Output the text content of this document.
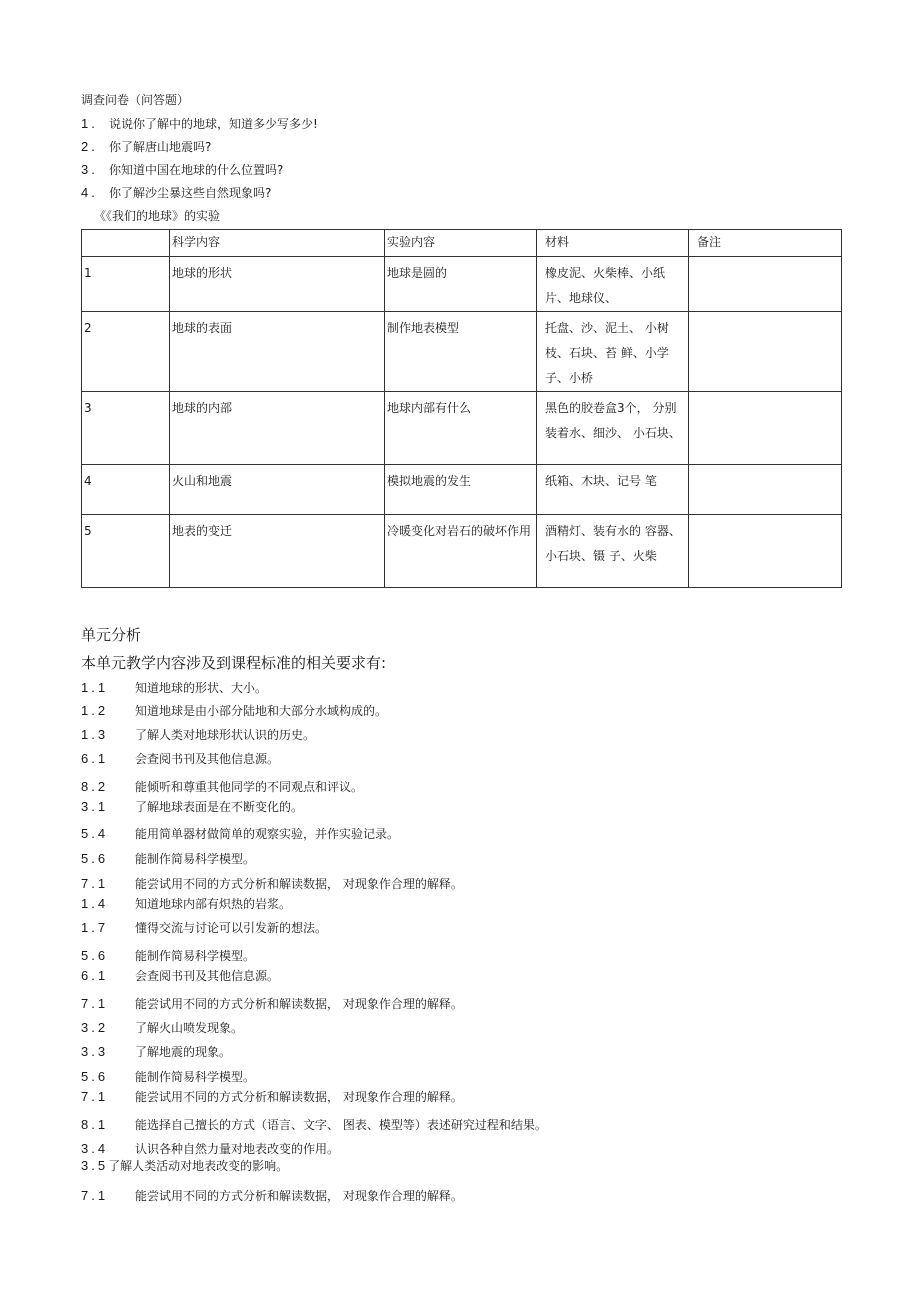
调查问卷（问答题）
1. 说说你了解中的地球，知道多少写多少!
2. 你了解唐山地震吗?
3. 你知道中国在地球的什么位置吗?
4. 你了解沙尘暴这些自然现象吗?
《《我们的地球》的实验
	科学内容	实验内容	材料	备注
1	地球的形状	地球是圆的	橡皮泥、火柴棒、小纸片、地球仪、	
2	地球的表面	制作地表模型	托盘、沙、泥土、 小树枝、石块、苔 鲜、小学子、小桥	
3	地球的内部	地球内部有什么	黑色的胶卷盒3个， 分别装着水、细沙、 小石块、	
4	火山和地震	模拟地震的发生	纸箱、木块、记号 笔	
5	地表的变迁	冷暖变化对岩石的破坏作用	酒精灯、装有水的 容器、小石块、镊 子、火柴	
单元分析
本单元教学内容涉及到课程标准的相关要求有:
1.1 知道地球的形状、大小。
1.2 知道地球是由小部分陆地和大部分水域构成的。
1.3 了解人类对地球形状认识的历史。
6.1 会查阅书刊及其他信息源。
8.2 能倾听和尊重其他同学的不同观点和评议。
3.1 了解地球表面是在不断变化的。
5.4 能用简单器材做简单的观察实验，并作实验记录。
5.6 能制作简易科学模型。
7.1 能尝试用不同的方式分析和解读数据， 对现象作合理的解释。
1.4 知道地球内部有炽热的岩浆。
1.7 懂得交流与讨论可以引发新的想法。
5.6 能制作简易科学模型。
6.1 会查阅书刊及其他信息源。
7.1 能尝试用不同的方式分析和解读数据， 对现象作合理的解释。
3.2 了解火山喷发现象。
3.3 了解地震的现象。
5.6 能制作简易科学模型。
7.1 能尝试用不同的方式分析和解读数据， 对现象作合理的解释。
8.1 能选择自己擅长的方式（语言、文字、 图表、模型等）表述研究过程和结果。
3.4 认识各种自然力量对地表改变的作用。
3.5了解人类活动对地表改变的影响。
7.1 能尝试用不同的方式分析和解读数据， 对现象作合理的解释。
